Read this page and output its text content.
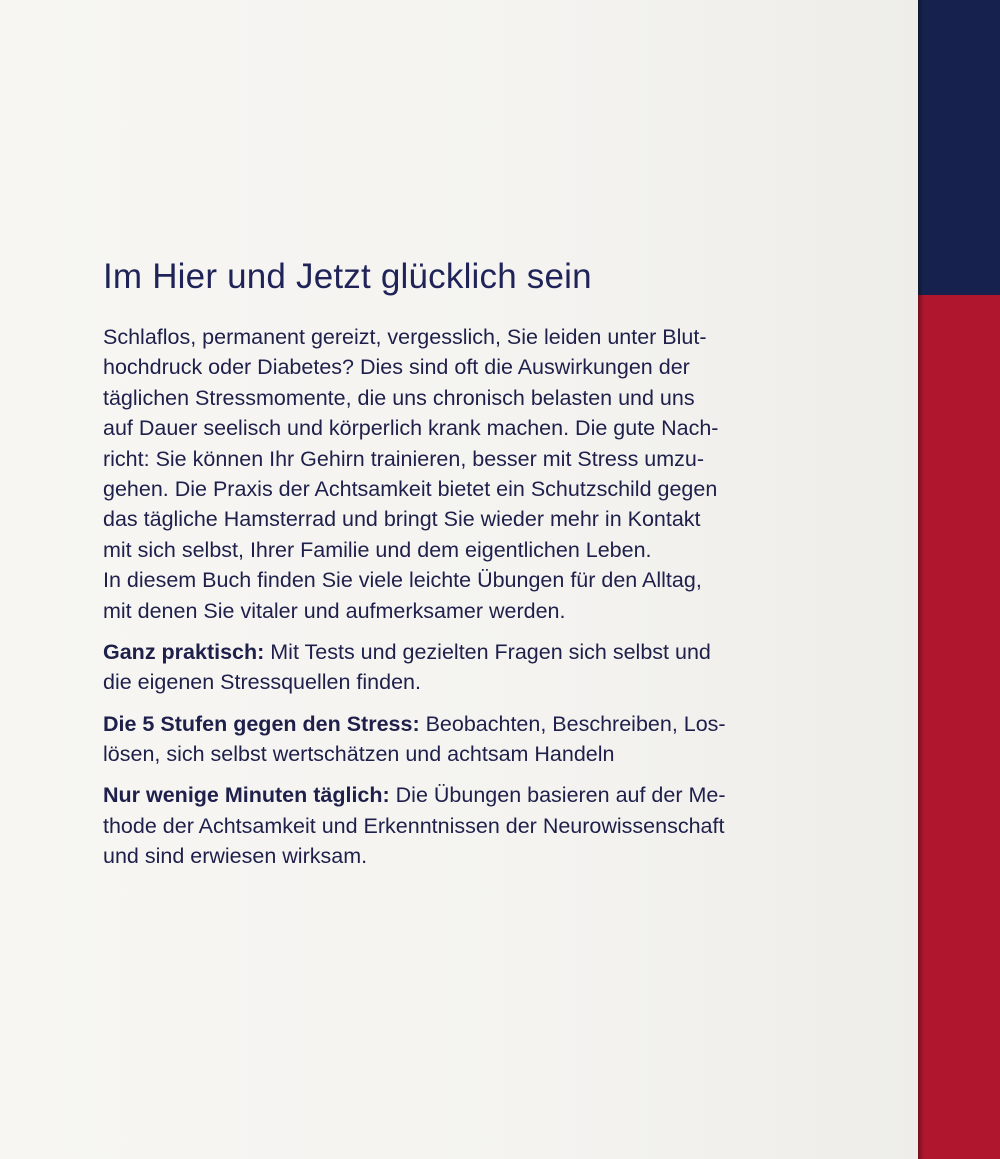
Im Hier und Jetzt glücklich sein
Schlaflos, permanent gereizt, vergesslich, Sie leiden unter Blut-
hochdruck oder Diabetes? Dies sind oft die Auswirkungen der
täglichen Stressmomente, die uns chronisch belasten und uns
auf Dauer seelisch und körperlich krank machen. Die gute Nach-
richt: Sie können Ihr Gehirn trainieren, besser mit Stress umzu-
gehen. Die Praxis der Achtsamkeit bietet ein Schutzschild gegen
das tägliche Hamsterrad und bringt Sie wieder mehr in Kontakt
mit sich selbst, Ihrer Familie und dem eigentlichen Leben.
In diesem Buch finden Sie viele leichte Übungen für den Alltag,
mit denen Sie vitaler und aufmerksamer werden.
Ganz praktisch: Mit Tests und gezielten Fragen sich selbst und
die eigenen Stressquellen finden.
Die 5 Stufen gegen den Stress: Beobachten, Beschreiben, Los-
lösen, sich selbst wertschätzen und achtsam Handeln
Nur wenige Minuten täglich: Die Übungen basieren auf der Me-
thode der Achtsamkeit und Erkenntnissen der Neurowissenschaft
und sind erwiesen wirksam.
